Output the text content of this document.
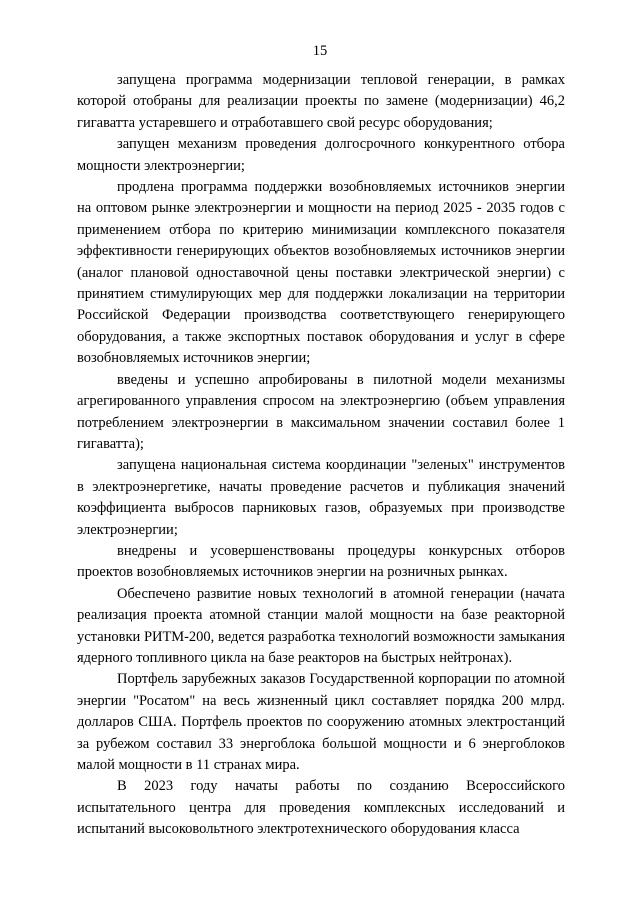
15

запущена программа модернизации тепловой генерации, в рамках которой отобраны для реализации проекты по замене (модернизации) 46,2 гигаватта устаревшего и отработавшего свой ресурс оборудования;

запущен механизм проведения долгосрочного конкурентного отбора мощности электроэнергии;

продлена программа поддержки возобновляемых источников энергии на оптовом рынке электроэнергии и мощности на период 2025 - 2035 годов с применением отбора по критерию минимизации комплексного показателя эффективности генерирующих объектов возобновляемых источников энергии (аналог плановой одноставочной цены поставки электрической энергии) с принятием стимулирующих мер для поддержки локализации на территории Российской Федерации производства соответствующего генерирующего оборудования, а также экспортных поставок оборудования и услуг в сфере возобновляемых источников энергии;

введены и успешно апробированы в пилотной модели механизмы агрегированного управления спросом на электроэнергию (объем управления потреблением электроэнергии в максимальном значении составил более 1 гигаватта);

запущена национальная система координации "зеленых" инструментов в электроэнергетике, начаты проведение расчетов и публикация значений коэффициента выбросов парниковых газов, образуемых при производстве электроэнергии;

внедрены и усовершенствованы процедуры конкурсных отборов проектов возобновляемых источников энергии на розничных рынках.

Обеспечено развитие новых технологий в атомной генерации (начата реализация проекта атомной станции малой мощности на базе реакторной установки РИТМ-200, ведется разработка технологий возможности замыкания ядерного топливного цикла на базе реакторов на быстрых нейтронах).

Портфель зарубежных заказов Государственной корпорации по атомной энергии "Росатом" на весь жизненный цикл составляет порядка 200 млрд. долларов США. Портфель проектов по сооружению атомных электростанций за рубежом составил 33 энергоблока большой мощности и 6 энергоблоков малой мощности в 11 странах мира.

В 2023 году начаты работы по созданию Всероссийского испытательного центра для проведения комплексных исследований и испытаний высоковольтного электротехнического оборудования класса
